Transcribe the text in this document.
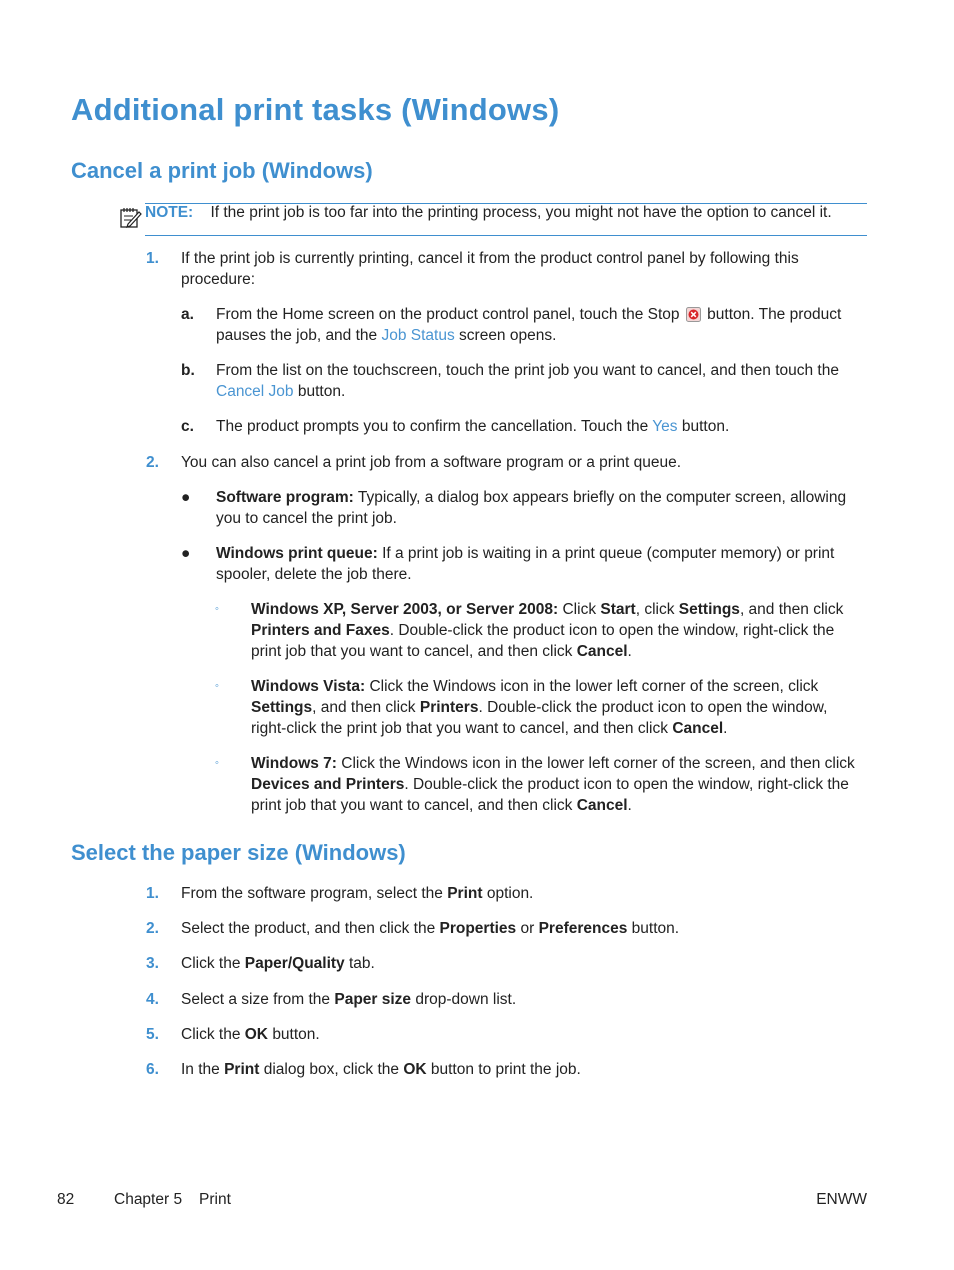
Additional print tasks (Windows)
Cancel a print job (Windows)
NOTE: If the print job is too far into the printing process, you might not have the option to cancel it.
1. If the print job is currently printing, cancel it from the product control panel by following this procedure:
a. From the Home screen on the product control panel, touch the Stop button. The product pauses the job, and the Job Status screen opens.
b. From the list on the touchscreen, touch the print job you want to cancel, and then touch the Cancel Job button.
c. The product prompts you to confirm the cancellation. Touch the Yes button.
2. You can also cancel a print job from a software program or a print queue.
● Software program: Typically, a dialog box appears briefly on the computer screen, allowing you to cancel the print job.
● Windows print queue: If a print job is waiting in a print queue (computer memory) or print spooler, delete the job there.
◦ Windows XP, Server 2003, or Server 2008: Click Start, click Settings, and then click Printers and Faxes. Double-click the product icon to open the window, right-click the print job that you want to cancel, and then click Cancel.
◦ Windows Vista: Click the Windows icon in the lower left corner of the screen, click Settings, and then click Printers. Double-click the product icon to open the window, right-click the print job that you want to cancel, and then click Cancel.
◦ Windows 7: Click the Windows icon in the lower left corner of the screen, and then click Devices and Printers. Double-click the product icon to open the window, right-click the print job that you want to cancel, and then click Cancel.
Select the paper size (Windows)
1. From the software program, select the Print option.
2. Select the product, and then click the Properties or Preferences button.
3. Click the Paper/Quality tab.
4. Select a size from the Paper size drop-down list.
5. Click the OK button.
6. In the Print dialog box, click the OK button to print the job.
82	Chapter 5 Print	ENWW
